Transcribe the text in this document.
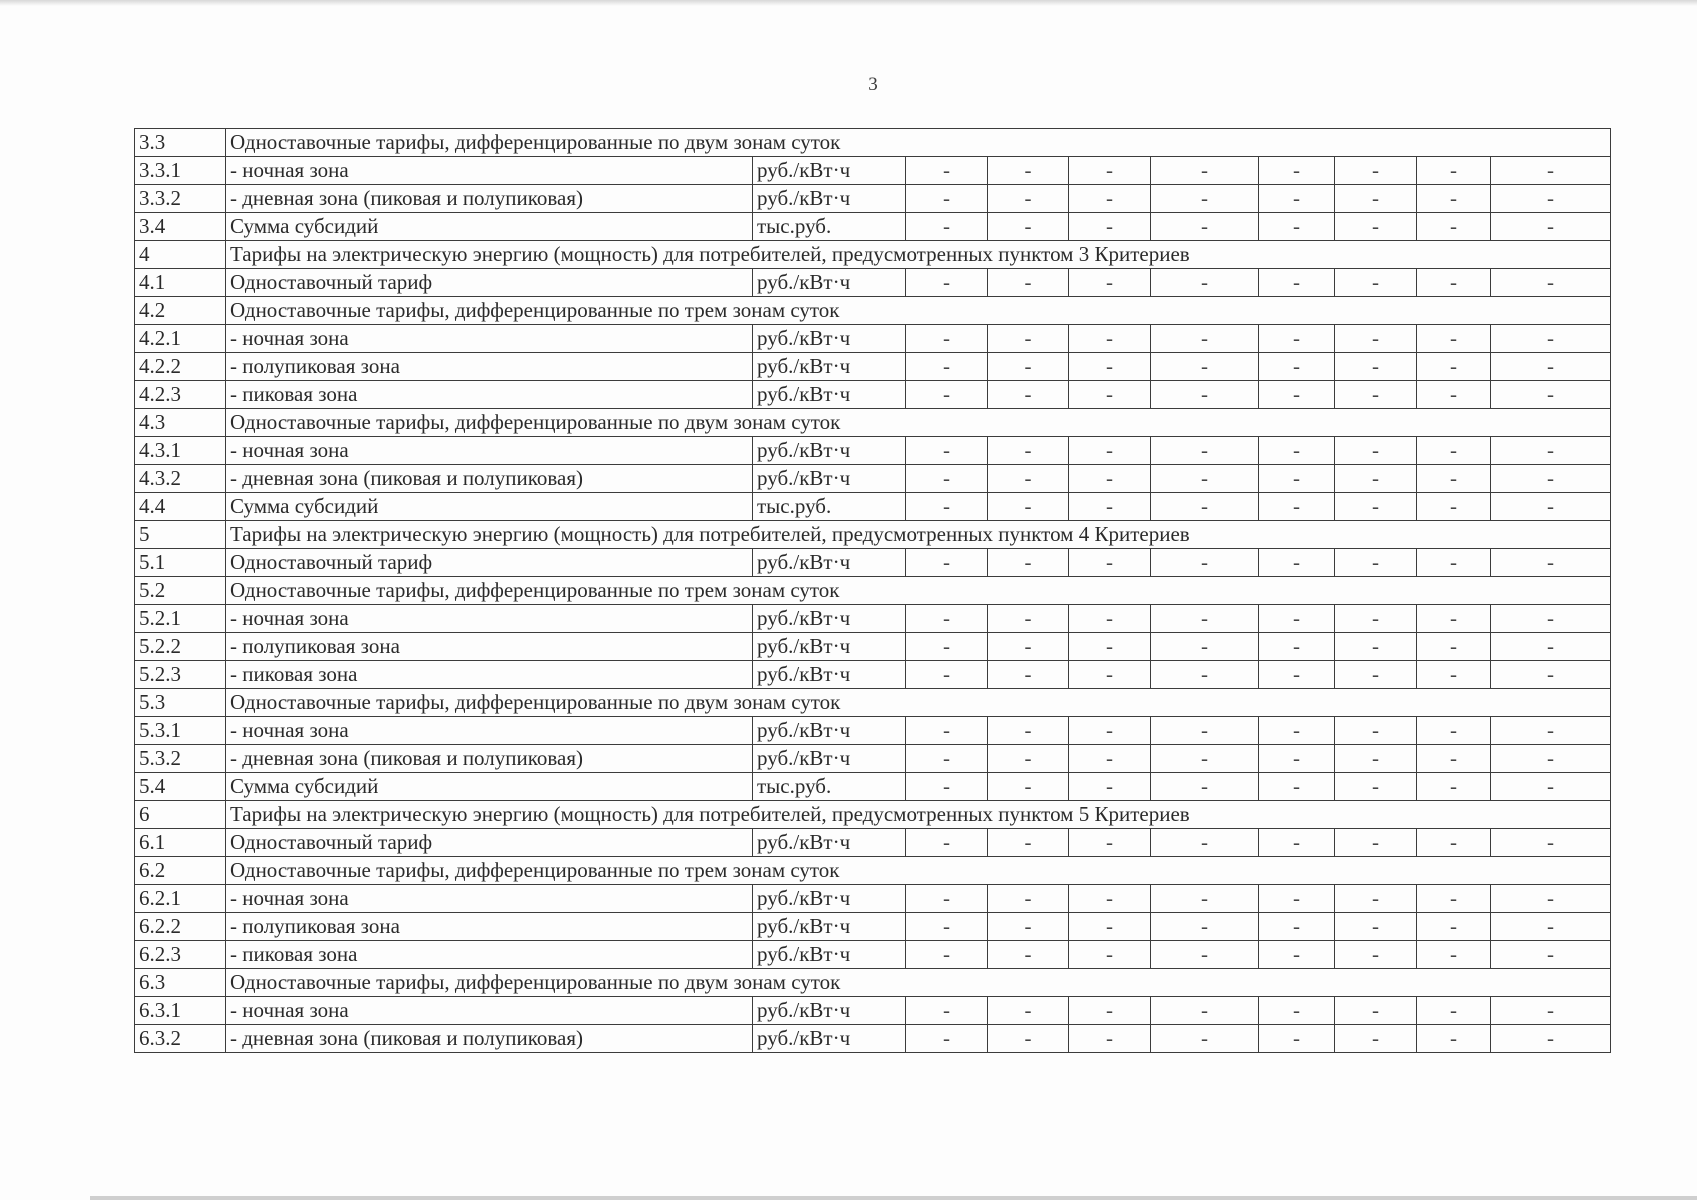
3
3.3	Одноставочные тарифы, дифференцированные по двум зонам суток									
3.3.1	- ночная зона	руб./кВт·ч	-	-	-	-	-	-	-	-
3.3.2	- дневная зона (пиковая и полупиковая)	руб./кВт·ч	-	-	-	-	-	-	-	-
3.4	Сумма субсидий	тыс.руб.	-	-	-	-	-	-	-	-
4	Тарифы на электрическую энергию (мощность) для потребителей, предусмотренных пунктом 3 Критериев									
4.1	Одноставочный тариф	руб./кВт·ч	-	-	-	-	-	-	-	-
4.2	Одноставочные тарифы, дифференцированные по трем зонам суток									
4.2.1	- ночная зона	руб./кВт·ч	-	-	-	-	-	-	-	-
4.2.2	- полупиковая зона	руб./кВт·ч	-	-	-	-	-	-	-	-
4.2.3	- пиковая зона	руб./кВт·ч	-	-	-	-	-	-	-	-
4.3	Одноставочные тарифы, дифференцированные по двум зонам суток									
4.3.1	- ночная зона	руб./кВт·ч	-	-	-	-	-	-	-	-
4.3.2	- дневная зона (пиковая и полупиковая)	руб./кВт·ч	-	-	-	-	-	-	-	-
4.4	Сумма субсидий	тыс.руб.	-	-	-	-	-	-	-	-
5	Тарифы на электрическую энергию (мощность) для потребителей, предусмотренных пунктом 4 Критериев									
5.1	Одноставочный тариф	руб./кВт·ч	-	-	-	-	-	-	-	-
5.2	Одноставочные тарифы, дифференцированные по трем зонам суток									
5.2.1	- ночная зона	руб./кВт·ч	-	-	-	-	-	-	-	-
5.2.2	- полупиковая зона	руб./кВт·ч	-	-	-	-	-	-	-	-
5.2.3	- пиковая зона	руб./кВт·ч	-	-	-	-	-	-	-	-
5.3	Одноставочные тарифы, дифференцированные по двум зонам суток									
5.3.1	- ночная зона	руб./кВт·ч	-	-	-	-	-	-	-	-
5.3.2	- дневная зона (пиковая и полупиковая)	руб./кВт·ч	-	-	-	-	-	-	-	-
5.4	Сумма субсидий	тыс.руб.	-	-	-	-	-	-	-	-
6	Тарифы на электрическую энергию (мощность) для потребителей, предусмотренных пунктом 5 Критериев									
6.1	Одноставочный тариф	руб./кВт·ч	-	-	-	-	-	-	-	-
6.2	Одноставочные тарифы, дифференцированные по трем зонам суток									
6.2.1	- ночная зона	руб./кВт·ч	-	-	-	-	-	-	-	-
6.2.2	- полупиковая зона	руб./кВт·ч	-	-	-	-	-	-	-	-
6.2.3	- пиковая зона	руб./кВт·ч	-	-	-	-	-	-	-	-
6.3	Одноставочные тарифы, дифференцированные по двум зонам суток									
6.3.1	- ночная зона	руб./кВт·ч	-	-	-	-	-	-	-	-
6.3.2	- дневная зона (пиковая и полупиковая)	руб./кВт·ч	-	-	-	-	-	-	-	-
